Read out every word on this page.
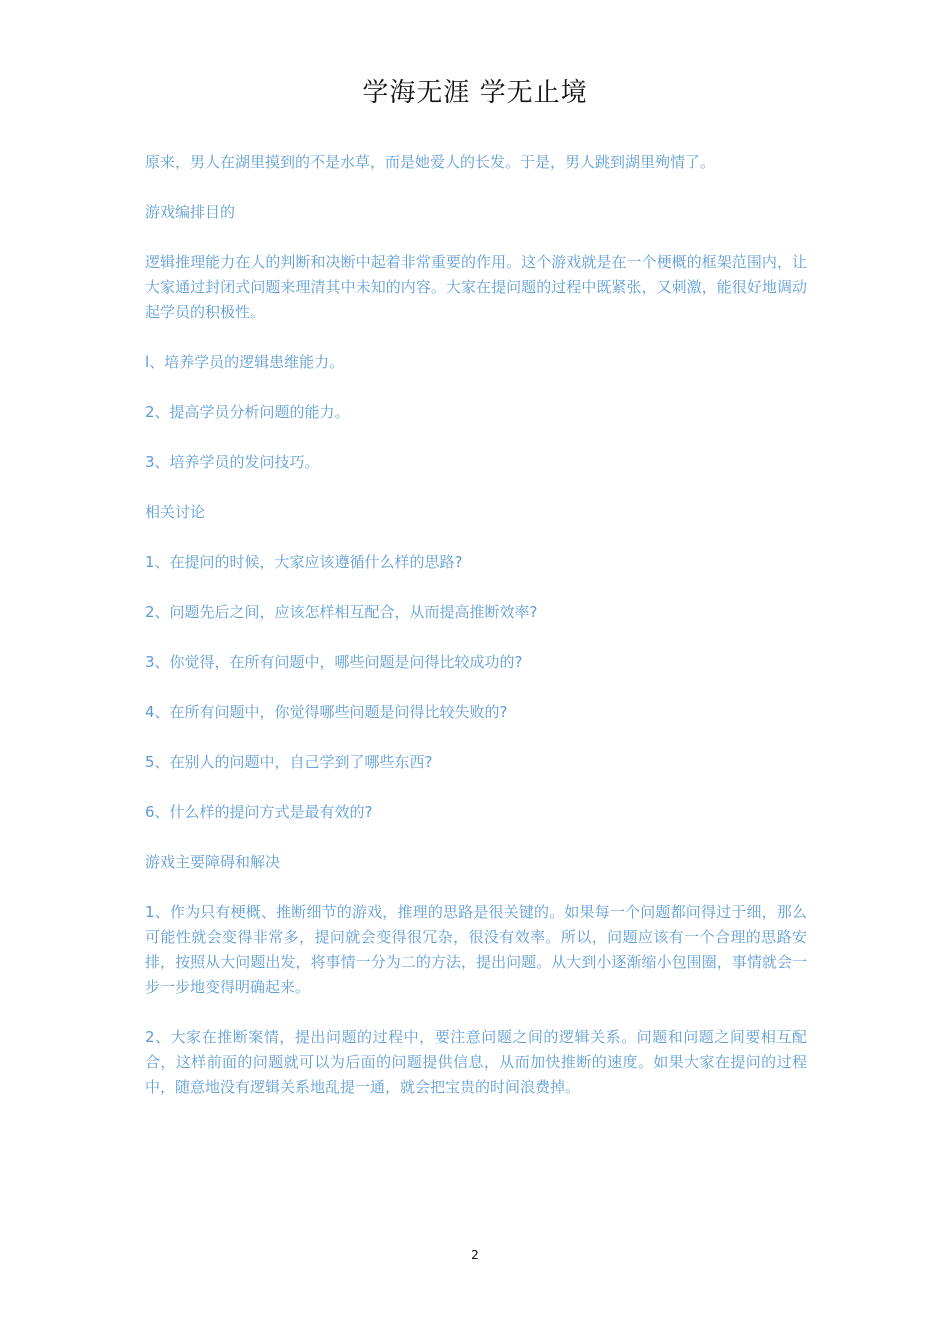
学海无涯 学无止境

原来，男人在湖里摸到的不是水草，而是她爱人的长发。于是，男人跳到湖里殉情了。

游戏编排目的

逻辑推理能力在人的判断和决断中起着非常重要的作用。这个游戏就是在一个梗概的框架范围内，让大家通过封闭式问题来理清其中未知的内容。大家在提问题的过程中既紧张，又刺激，能很好地调动起学员的积极性。

l、培养学员的逻辑患维能力。

2、提高学员分析问题的能力。

3、培养学员的发问技巧。

相关讨论

1、在提问的时候，大家应该遵循什么样的思路?

2、问题先后之间，应该怎样相互配合，从而提高推断效率?

3、你觉得，在所有问题中，哪些问题是问得比较成功的?

4、在所有问题中，你觉得哪些问题是问得比较失败的?

5、在别人的问题中，自己学到了哪些东西?

6、什么样的提问方式是最有效的?

游戏主要障碍和解决

1、作为只有梗概、推断细节的游戏，推理的思路是很关键的。如果每一个问题都问得过于细，那么可能性就会变得非常多，提问就会变得很冗杂，很没有效率。所以，问题应该有一个合理的思路安排，按照从大问题出发，将事情一分为二的方法，提出问题。从大到小逐渐缩小包围圈，事情就会一步一步地变得明确起来。

2、大家在推断案情，提出问题的过程中，要注意问题之间的逻辑关系。问题和问题之间要相互配合，这样前面的问题就可以为后面的问题提供信息，从而加快推断的速度。如果大家在提问的过程中，随意地没有逻辑关系地乱提一通，就会把宝贵的时间浪费掉。

2
